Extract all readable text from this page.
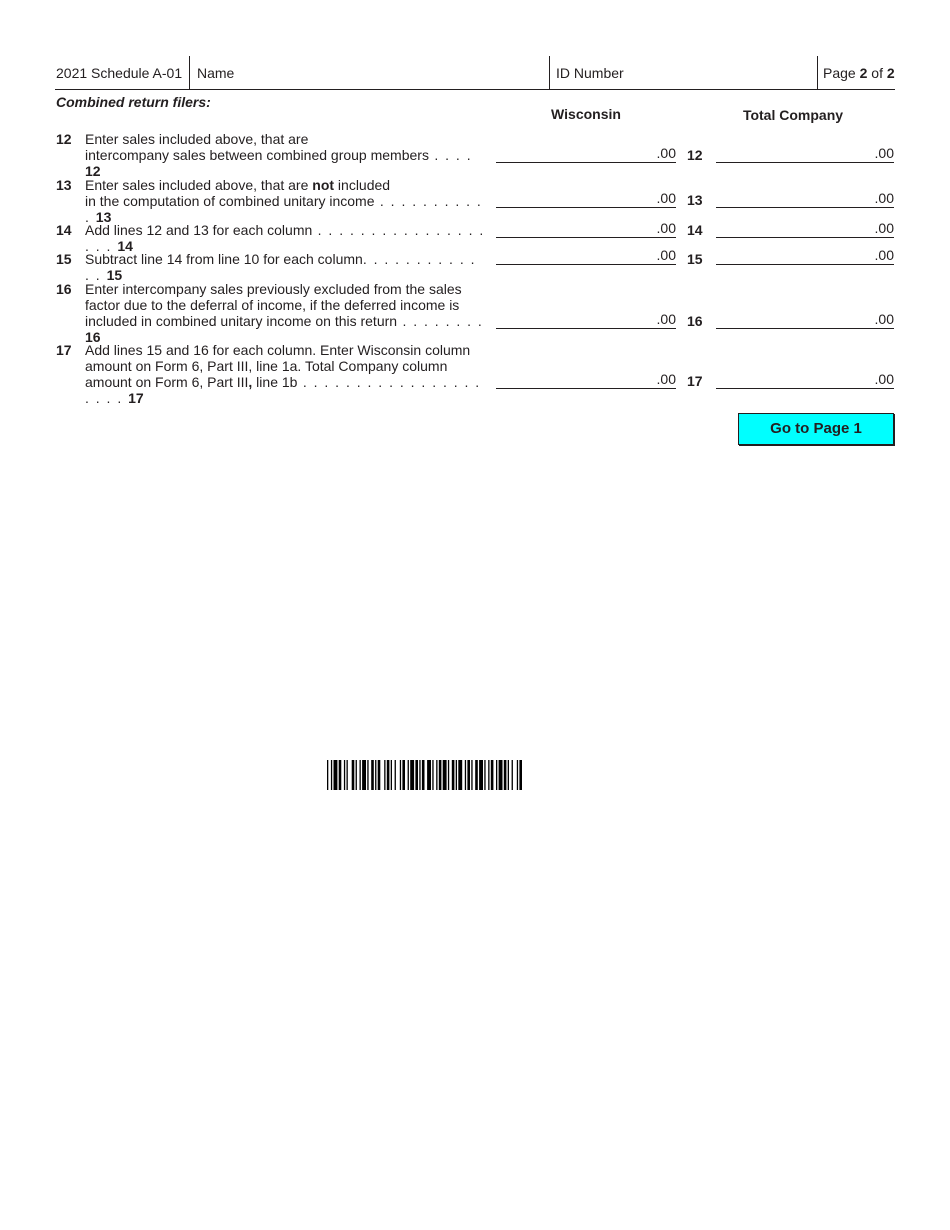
2021 Schedule A-01 Name	ID Number	Page 2 of 2
Combined return filers:
Wisconsin	Total Company
12 Enter sales included above, that are
intercompany sales between combined group members . . . . 12
.00 12	.00
13 Enter sales included above, that are not included
in the computation of combined unitary income . . . . . . . . . . . 13
.00 13	.00
14 Add lines 12 and 13 for each column . . . . . . . . . . . . . . . . . . . 14
.00 14	.00
15 Subtract line 14 from line 10 for each column. . . . . . . . . . . . . 15
.00 15	.00
16 Enter intercompany sales previously excluded from the sales
factor due to the deferral of income, if the deferred income is
included in combined unitary income on this return . . . . . . . . 16
.00 16	.00
17 Add lines 15 and 16 for each column. Enter Wisconsin column
amount on Form 6, Part III, line 1a. Total Company column
amount on Form 6, Part III, line 1b . . . . . . . . . . . . . . . . . . . . . 17
.00 17	.00
Go to Page 1
